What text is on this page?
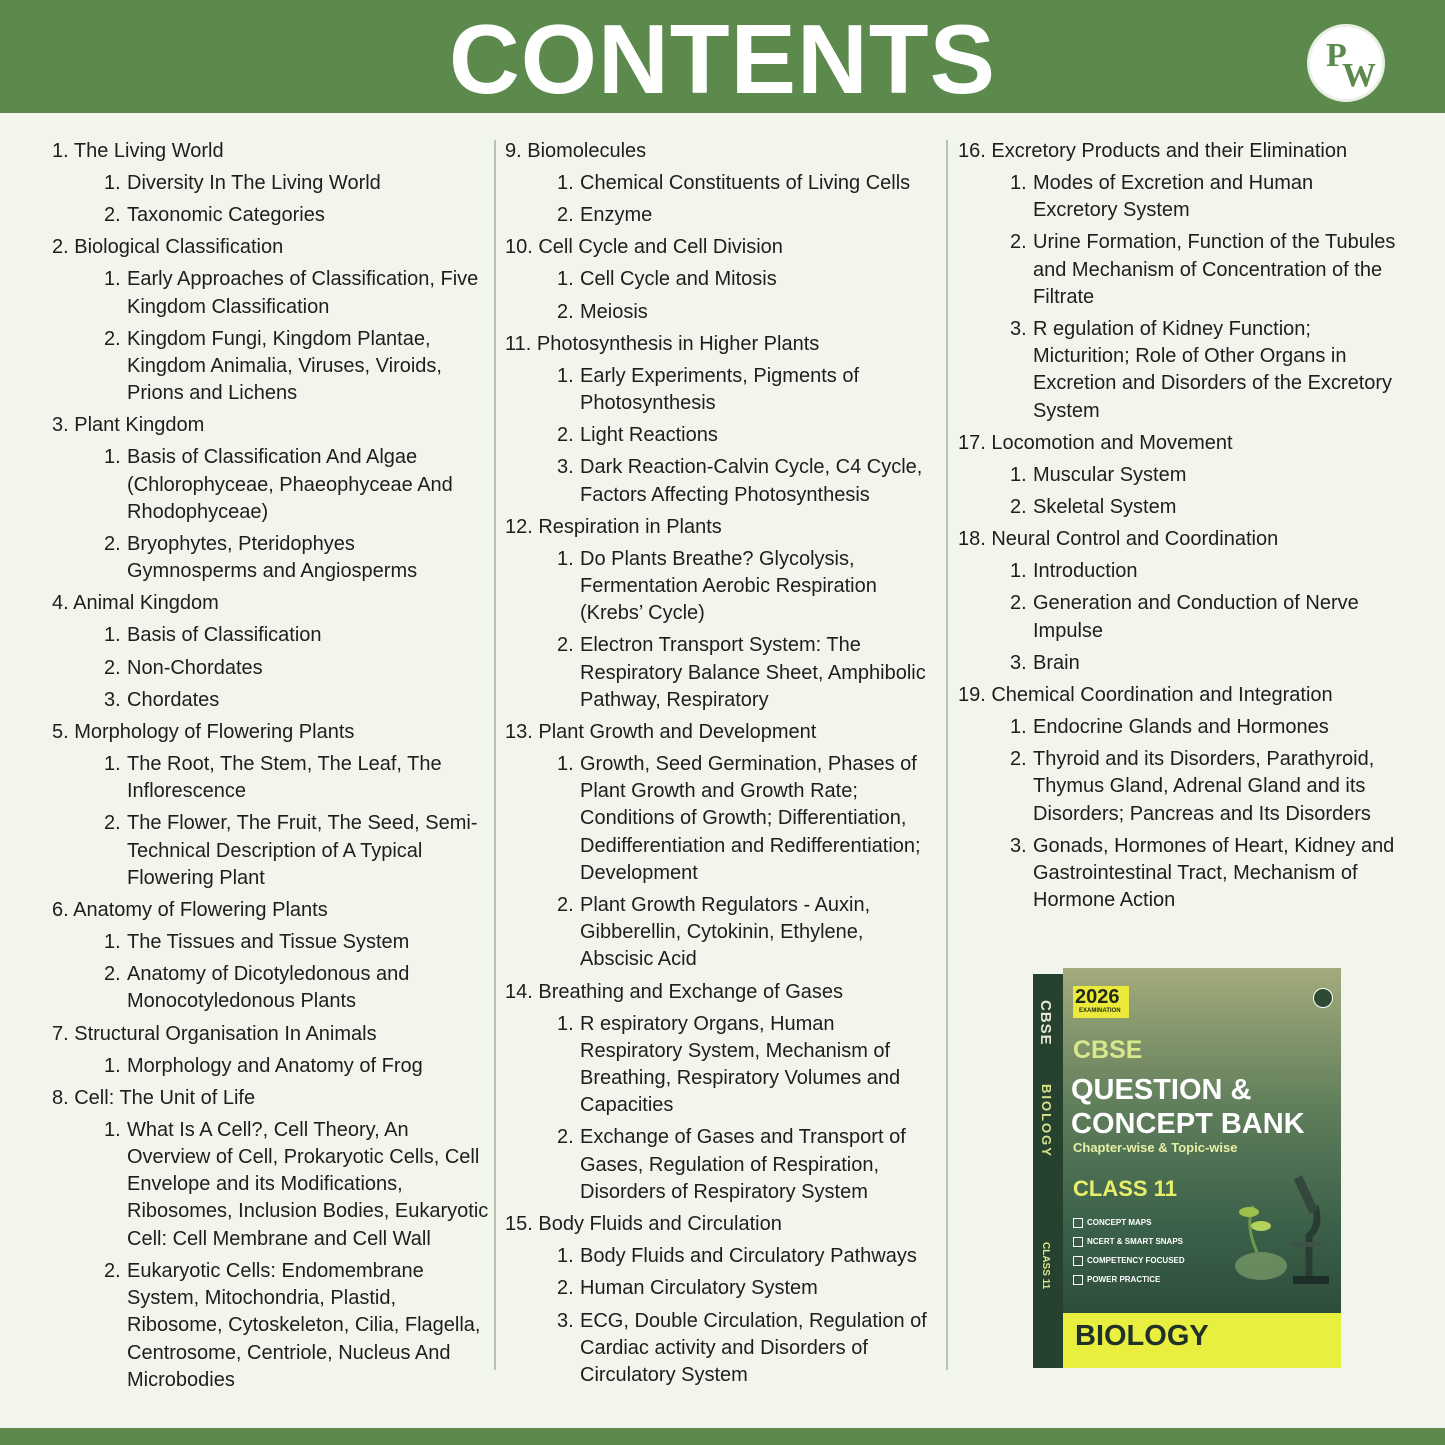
CONTENTS	P
W
1. The Living World
1. Diversity In The Living World
2. Taxonomic Categories
2. Biological Classification
1. Early Approaches of Classification, Five Kingdom Classification
2. Kingdom Fungi, Kingdom Plantae, Kingdom Animalia, Viruses, Viroids, Prions and Lichens
3. Plant Kingdom
1. Basis of Classification And Algae (Chlorophyceae, Phaeophyceae And Rhodophyceae)
2. Bryophytes, Pteridophyes Gymnosperms and Angiosperms
4. Animal Kingdom
1. Basis of Classification
2. Non-Chordates
3. Chordates
5. Morphology of Flowering Plants
1. The Root, The Stem, The Leaf, The Inflorescence
2. The Flower, The Fruit, The Seed, Semi-Technical Description of A Typical Flowering Plant
6. Anatomy of Flowering Plants
1. The Tissues and Tissue System
2. Anatomy of Dicotyledonous and Monocotyledonous Plants
7. Structural Organisation In Animals
1. Morphology and Anatomy of Frog
8. Cell: The Unit of Life
1. What Is A Cell?, Cell Theory, An Overview of Cell, Prokaryotic Cells, Cell Envelope and its Modifications, Ribosomes, Inclusion Bodies, Eukaryotic Cell: Cell Membrane and Cell Wall
2. Eukaryotic Cells: Endomembrane System, Mitochondria, Plastid, Ribosome, Cytoskeleton, Cilia, Flagella, Centrosome, Centriole, Nucleus And Microbodies
9. Biomolecules
1. Chemical Constituents of Living Cells
2. Enzyme
10. Cell Cycle and Cell Division
1. Cell Cycle and Mitosis
2. Meiosis
11. Photosynthesis in Higher Plants
1. Early Experiments, Pigments of Photosynthesis
2. Light Reactions
3. Dark Reaction-Calvin Cycle, C4 Cycle, Factors Affecting Photosynthesis
12. Respiration in Plants
1. Do Plants Breathe? Glycolysis, Fermentation Aerobic Respiration (Krebs’ Cycle)
2. Electron Transport System: The Respiratory Balance Sheet, Amphibolic Pathway, Respiratory
13. Plant Growth and Development
1. Growth, Seed Germination, Phases of Plant Growth and Growth Rate; Conditions of Growth; Differentiation, Dedifferentiation and Redifferentiation; Development
2. Plant Growth Regulators - Auxin, Gibberellin, Cytokinin, Ethylene, Abscisic Acid
14. Breathing and Exchange of Gases
1. R espiratory Organs, Human Respiratory System, Mechanism of Breathing, Respiratory Volumes and Capacities
2. Exchange of Gases and Transport of Gases, Regulation of Respiration, Disorders of Respiratory System
15. Body Fluids and Circulation
1. Body Fluids and Circulatory Pathways
2. Human Circulatory System
3. ECG, Double Circulation, Regulation of Cardiac activity and Disorders of Circulatory System
16. Excretory Products and their Elimination
1. Modes of Excretion and Human Excretory System
2. Urine Formation, Function of the Tubules and Mechanism of Concentration of the Filtrate
3. R egulation of Kidney Function; Micturition; Role of Other Organs in Excretion and Disorders of the Excretory System
17. Locomotion and Movement
1. Muscular System
2. Skeletal System
18. Neural Control and Coordination
1. Introduction
2. Generation and Conduction of Nerve Impulse
3. Brain
19. Chemical Coordination and Integration
1. Endocrine Glands and Hormones
2. Thyroid and its Disorders, Parathyroid, Thymus Gland, Adrenal Gland and its Disorders; Pancreas and Its Disorders
3. Gonads, Hormones of Heart, Kidney and Gastrointestinal Tract, Mechanism of Hormone Action
CBSE
BIOLOGY
CLASS 11
2026
EXAMINATION
CBSE
QUESTION &
CONCEPT BANK
Chapter-wise & Topic-wise
CLASS 11
CONCEPT MAPS
NCERT & SMART SNAPS
COMPETENCY FOCUSED
POWER PRACTICE
BIOLOGY
